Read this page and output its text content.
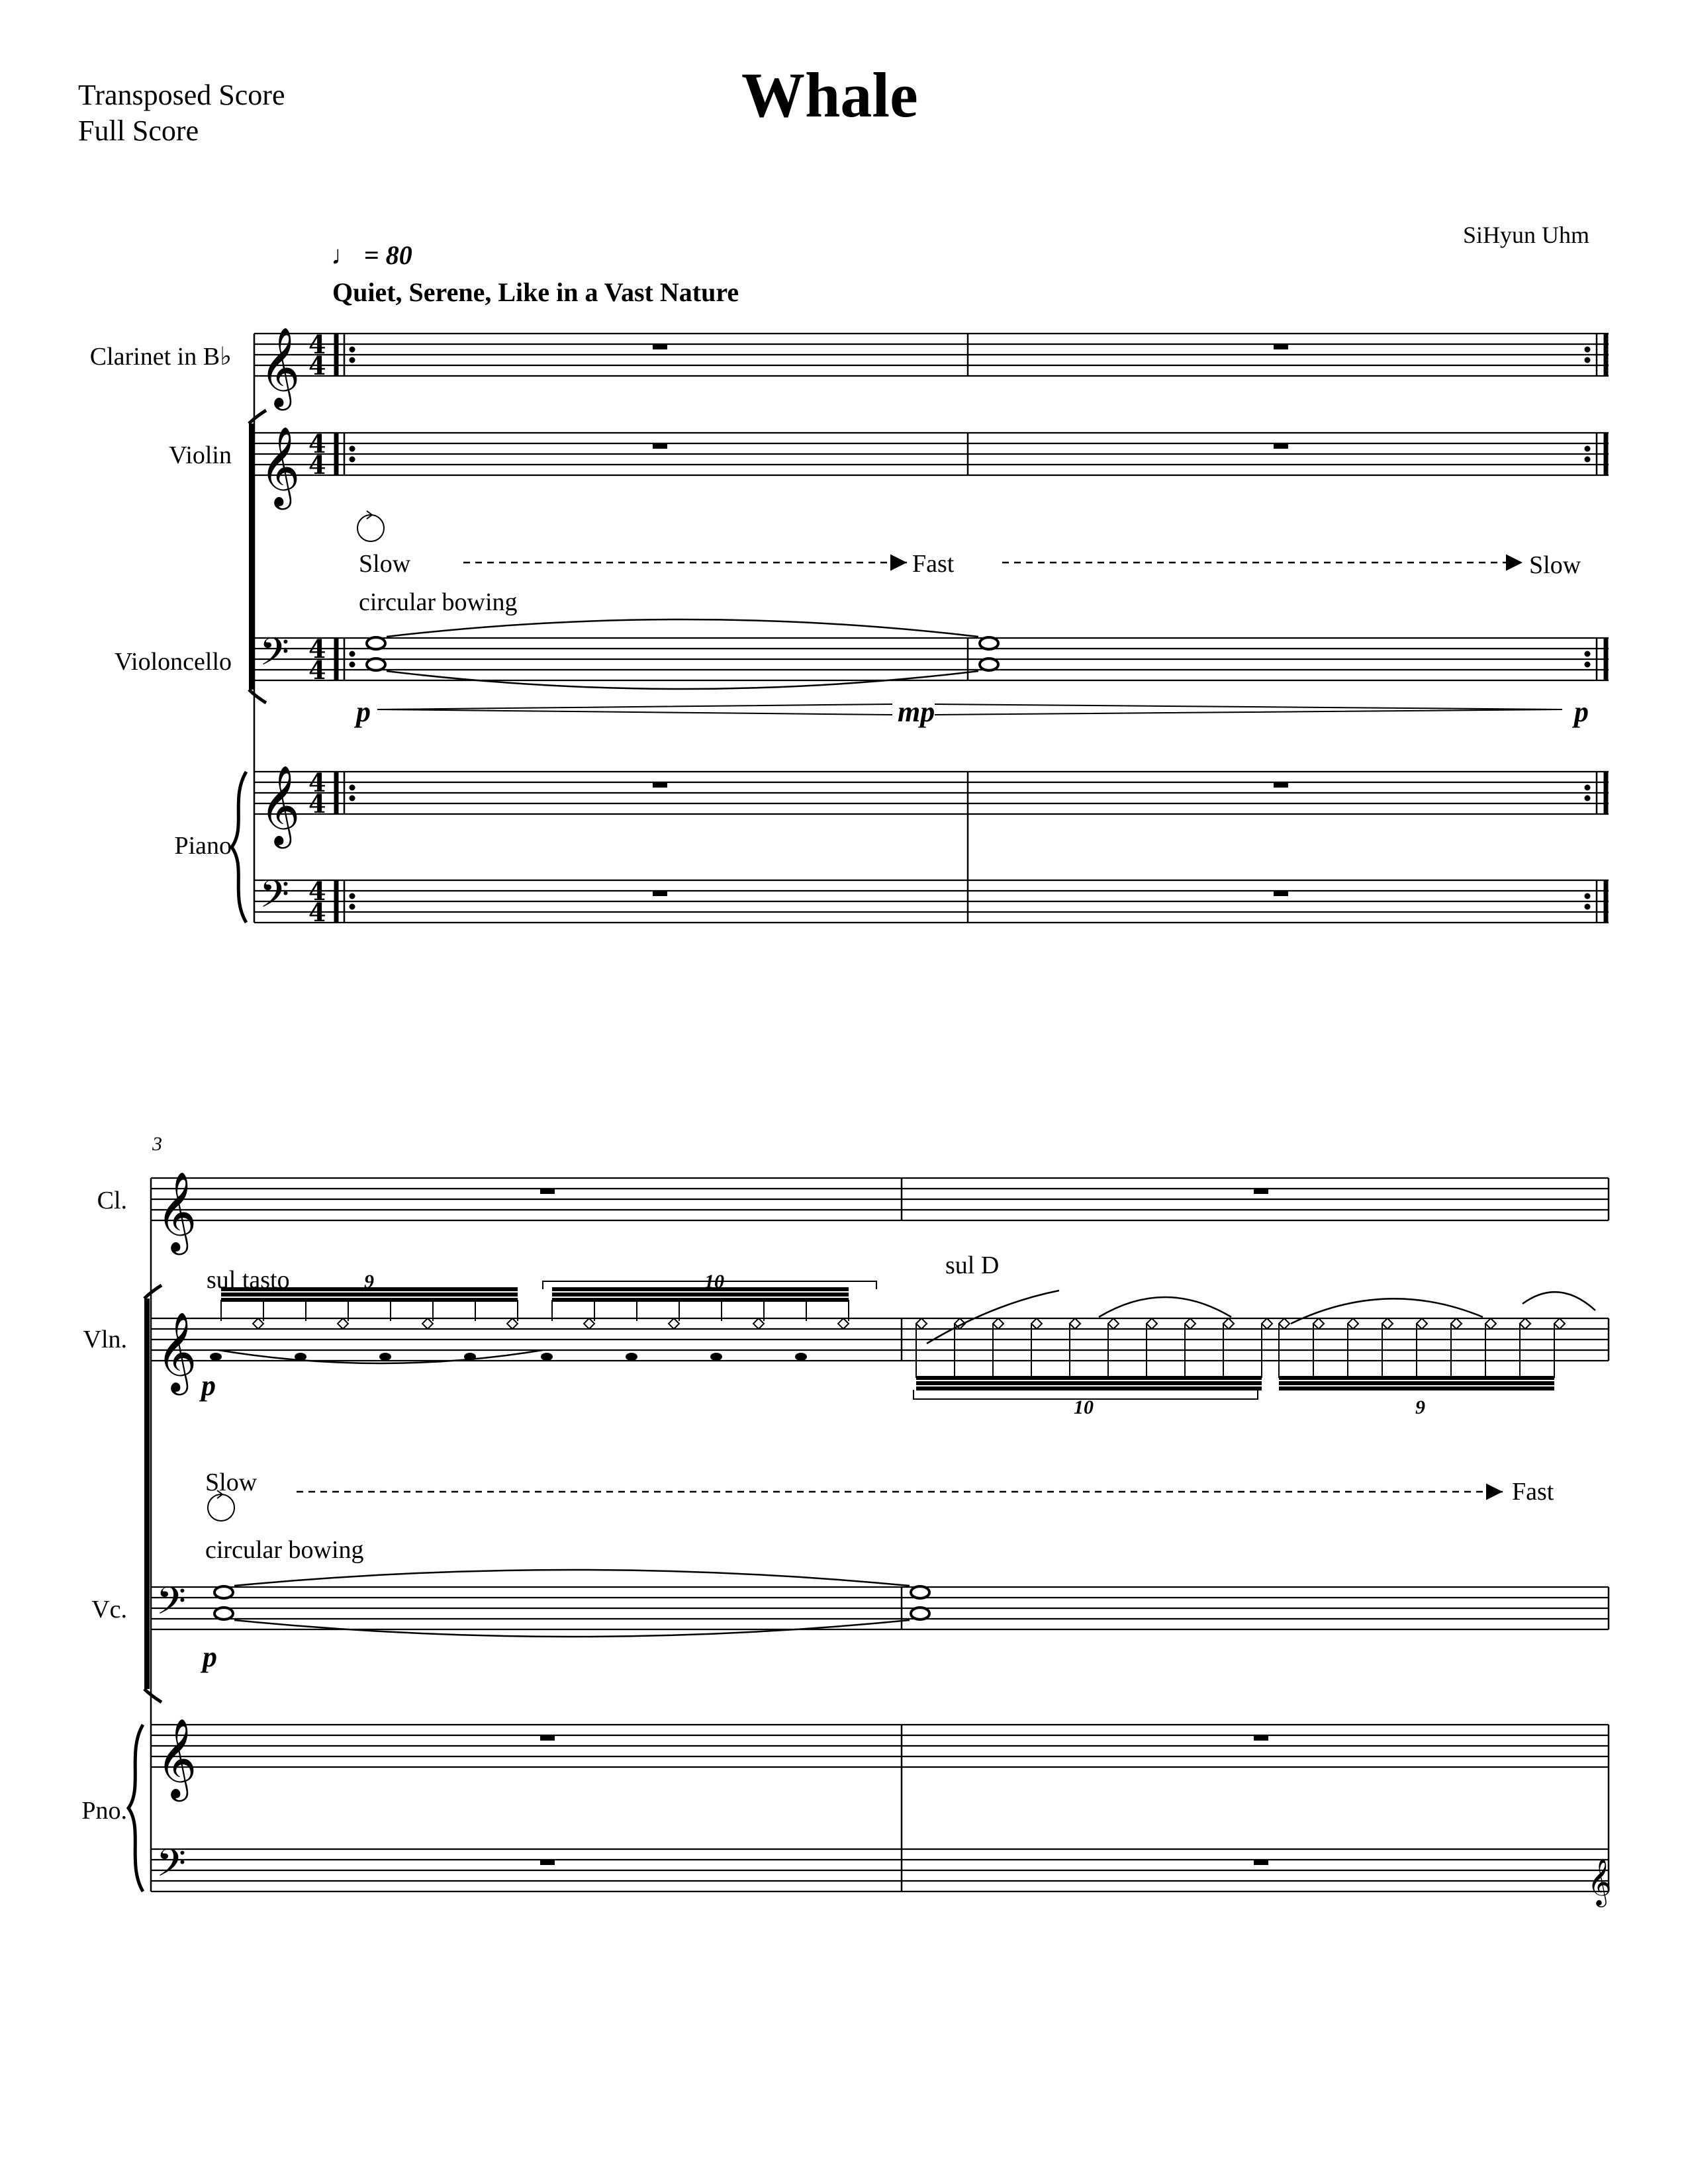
Transposed Score
Full Score
Whale
SiHyun Uhm
♩ = 80
Quiet, Serene, Like in a Vast Nature
Clarinet in B♭
Violin
Violoncello
Piano
Slow	Fast	Slow
circular bowing
p	mp	p
3
Cl.
Vln.
Vc.
Pno.
sul tasto
sul D
p
9	10
10	9
Slow	Fast
circular bowing
p
𝄞
𝄞
𝄢
𝄞
𝄢
4
4
4
4
4
4
4
4
4
4
𝄞
𝄞
𝄢
𝄞
𝄢	𝄞
